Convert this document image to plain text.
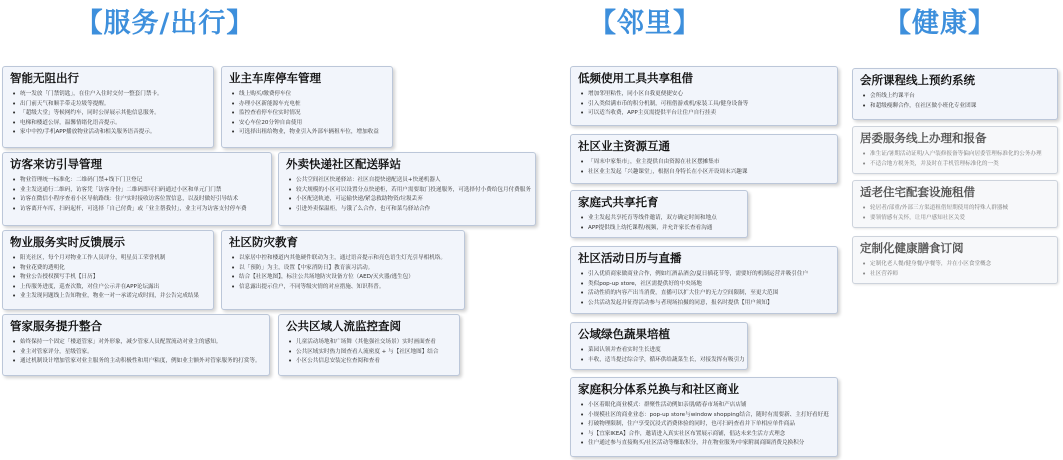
【服务/出行】	【邻里】	【健康】
智能无阻出行
• 统一发放「门禁钥匙」，在住户入住时交付一整套门禁卡。
• 出门前天气和顺手带走垃圾等提醒。
• 「超级大堂」等候网约车，同时公屏展示其他信息服务。
• 电梯和楼道公屏，温馨情绪化语音提示。
• 家中中控/手机APP播放物业活动和相关服务语音提示。
访客来访引导管理
• 物业管理统一标准化：二维码门禁+线下门卫登记
• 业主发送通行二维码，访客凭「访客身份」二维码即可扫码通过小区和单元门门禁
• 访客在微信小程序查看小区导航路线：住户实时接收访客位置信息，以及时做好引导结术
• 访客离开车库，扫码起杆，可选择「自己付费」或「业主帮我付」，业主可为访客支付停车费
物业服务实时反馈展示
• 阳光社区，每个月对物业工作人员评分，明星员工荣誉机制
• 物业花费的透明化
• 物业公告授权撰写手机【日历】
• 上传服务进度，巡查次数，对住户公示并在APP论坛露出
• 业主发现问题线上告知物业，物业一对一承诺完成时间，并公告完成结果
管家服务提升整合
• 始终保持一个固定「楼道管家」对外形象，减少管家人员配置流动对业主的感知。
• 业主对管家评分，星级管家。
• 通过机制设计增加管家对业主服务的主动积极性和用户粘度，例如业主额外对管家服务的打赏等。
业主车库停车管理
• 线上购买/缴费停车位
• 办理小区新能源车充电桩
• 监控查看停车位实时情况
• 安心车位20分钟自由使用
• 可选择出租给物业，物业引入外部车辆租车位，增加收益
外卖快递社区配送驿站
• 公共空间社区快递驿站：社区自提快递配送员+快递机器人
• 较大规模的小区可以设置分点快递柜，若用户需要取门投递服务，可选择付小费给包月付费服务
• 小区配送轨迹，可运输快递/紧急救助物资/垃圾丢弃
• 引进外卖保温柜，与饿了么合作，也可和菜鸟驿站合作
社区防灾教育
• 以家居中控和楼道内其他硬件联动为主，通过语音提示和亮色语生灯光引导相机络。
• 以「预防」为主，设置【中家消防日】教育演习活动。
• 结合【社区地图】，标注公共场地防灾设备方位（AED/灭火器/逃生包）
• 信息露出提示住户，不同等级灾情的对应措施、知识科普。
公共区域人流监控查阅
• 儿童活动场地和广场舞（其他强社交场景）实时画面查看
• 公共区域实时热力图查看人流密度 + 与【社区地图】结合
• 小区公共信息安装定位查阅和查看
低频使用工具共享租借
• 增加邻里粘性，同小区自我更便捷安心
• 引入类似满市币的积分机制，可租借游戏机/家装工具/健身设备等
• 可以适当收费，APP主页需提供平台让住户自行挂卖
社区业主资源互通
• 「周末中家集市」，业主提供自由资源在社区摆摊集市
• 社区业主发起「兴趣课堂」，根据自身特长在小区开设周末兴趣课
家庭式共享托育
• 业主发起共享托育等线件邀请，双方确定时间和地点
• APP提供线上幼托课程/视频，并允许家长查看沟通
社区活动日历与直播
• 引入优质商家做商业合作，例如红酒品酒会/夏日插花节等，需要好的机制运营并吸引住户
• 类似pop-up store，社区需提供好的中央场地
• 活动性质的内容产出当消费，直播可以扩大住户的无力空间限制，至更大范围
• 公共活动发起并征得活动参与者现场拍摄的同意，报名时提供【用户须知】
公域绿色蔬果培植
• 菜园认领并查看实时生长进度
• 丰收，适当提过综合学，循环供给蔬菜生长，对接发挥有吸引力
家庭积分体系兑换与和社区商业
• 小区着眼化商业模式：群聚性活动例如亲朋/踏春市场和产店店铺
• 小规模社区的商业业态：pop-up store与window shopping结合，随时有需要新、主打好看好逛
• 打破物理限制，住户享受沉浸式消费体验的同时，也可扫码查看并下单相应单件商品
• 与【宜家IKEA】合作，邀请进入真实社区布置展示商铺，倡达未来生活方式理念
• 住户通过参与直接购买/社区活动等赚取积分，并在物业服务/中家附属商圈消费兑换积分
会所课程线上预约系统
• 会所线上约课平台
• 和超级瘦聊合作，在社区做小班化专业团课
居委服务线上办理和报备
• 准生证/暑期活动证明/入户装修报备等偏向居委管理标准化的公务办理
• 不适合地方税务类，并及时在手机管理标准化的一类
适老住宅配套设施租借
• 轮居者/部重/外部三方渠道租借短期使用的特殊人群器械
• 要领情感有关怀，让用户感知社区关爱
定制化健康膳食订阅
• 定制化老人餐/健身餐/孕餐等，并在小区食堂概念
• 社区营养师
